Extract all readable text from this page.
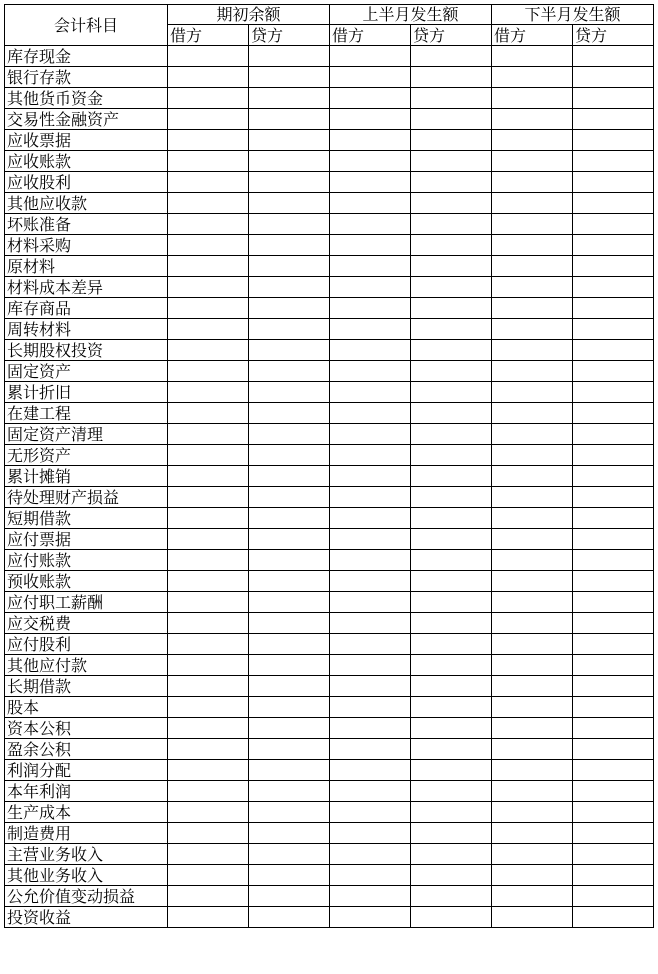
会计科目	期初余额		上半月发生额		下半月发生额	
	借方	贷方	借方	贷方	借方	贷方
库存现金						
银行存款						
其他货币资金						
交易性金融资产						
应收票据						
应收账款						
应收股利						
其他应收款						
坏账准备						
材料采购						
原材料						
材料成本差异						
库存商品						
周转材料						
长期股权投资						
固定资产						
累计折旧						
在建工程						
固定资产清理						
无形资产						
累计摊销						
待处理财产损益						
短期借款						
应付票据						
应付账款						
预收账款						
应付职工薪酬						
应交税费						
应付股利						
其他应付款						
长期借款						
股本						
资本公积						
盈余公积						
利润分配						
本年利润						
生产成本						
制造费用						
主营业务收入						
其他业务收入						
公允价值变动损益						
投资收益						
